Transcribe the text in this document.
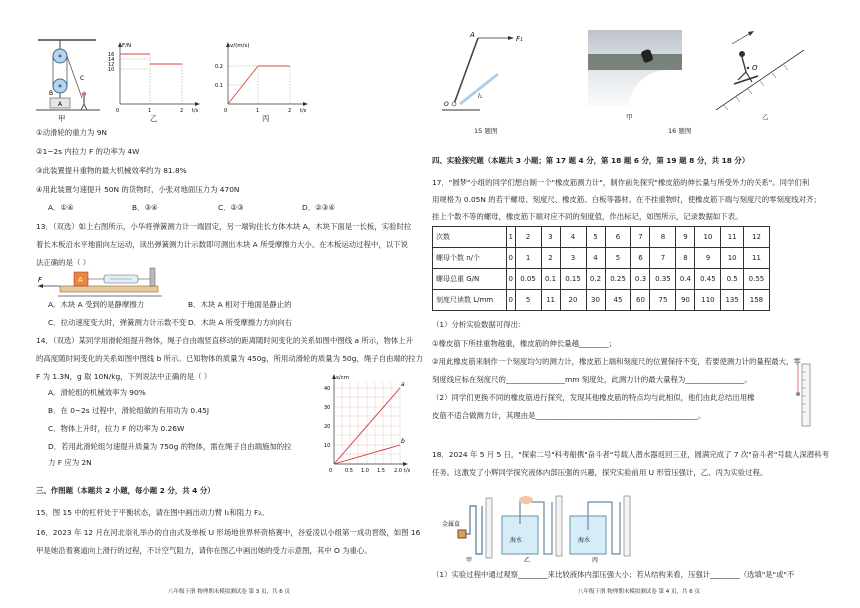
B
C
A
甲
F/N
16
14
12
10
0	1	2 t/s
乙
v/(m/s)
0.2
0.1
0	1	2 t/s
丙
①动滑轮的重力为 9N
②1~2s 内拉力 F 的功率为 4W
③此装置提升重物的最大机械效率约为 81.8%
④用此装置匀速提升 50N 的货物时，小张对地面压力为 470N
A．①④	B．③④	C．②③	D．②③④
13．（双选）如上右图所示，小华将弹簧测力计一端固定，另一端钩住长方体木块 A，木块下面是一长板，实验时拉
着长木板沿水平地面向左运动，读出弹簧测力计示数即可测出木块 A 所受摩擦力大小。在木板运动过程中，以下说
法正确的是（ ）
F	A
A．木块 A 受到的是静摩擦力	B．木块 A 相对于地面是静止的
C．拉动速度变大时，弹簧测力计示数不变 D．木块 A 所受摩擦力方向向右
14．（双选）某同学用滑轮组提升物体，绳子自由端竖直移动的距离随时间变化的关系如图中图线 a 所示，物体上升
的高度随时间变化的关系如图中图线 b 所示。已知物体的质量为 450g，所用动滑轮的质量为 50g，绳子自由端的拉力
F 为 1.3N，g 取 10N/kg，下列说法中正确的是（ ）
A．滑轮组的机械效率为 90%
B．在 0~2s 过程中，滑轮组做的有用功为 0.45J
C．物体上升时，拉力 F 的功率为 0.26W
D．若用此滑轮组匀速提升质量为 750g 的物体，需在绳子自由端施加的拉
力 F 应为 2N
s/cm
40
30
20
10
0	0.5 1.0 1.5 2.0 t/s
a
b
三、作图题（本题共 2 小题，每小题 2 分，共 4 分）
15．图 15 中的杠杆处于平衡状态，请在图中画出动力臂 l₁和阻力 F₂。
16．2023 年 12 月在河北崇礼举办的自由式及单板 U 形场地世界杯资格赛中，谷爱凌以小组第一成功晋级，如图 16
甲是她沿着赛道向上滑行的过程，不计空气阻力，请你在图乙中画出她的受力示意图，其中 O 为重心。
八年级下册 物理期末模拟测试卷 第 3 页，共 6 页
A	F₁
l₁
O
15 题图
甲
O
乙
16 题图
四、实验探究题（本题共 3 小题；第 17 题 4 分，第 18 题 6 分，第 19 题 8 分，共 18 分）
17．"圆梦"小组的同学们想自制一个"橡皮筋测力计"，制作前先探究"橡皮筋的伸长量与所受外力的关系"。同学们利
用规格为 0.05N 的若干螺母、刻度尺、橡皮筋、白板等器材。在不挂重物时，使橡皮筋下端与刻度尺的零刻度线对齐；
挂上个数不等的螺母，橡皮筋下端对应不同的刻度值，作出标记，如图所示，记录数据如下表。
次数	1	2	3	4	5	6	7	8	9	10	11	12
螺母个数 n/个	0	1	2	3	4	5	6	7	8	9	10	11
螺母总重 G/N	0	0.05	0.1	0.15	0.2	0.25	0.3	0.35	0.4	0.45	0.5	0.55
刻度尺读数 L/mm	0	5	11	20	30	45	60	75	90	110	135	158
（1）分析实验数据可得出：
①橡皮筋下所挂重物越重，橡皮筋的伸长量越________；
②用此橡皮筋来制作一个刻度均匀的测力计，橡皮筋上端和刻度尺的位置保持不变，若要使测力计的量程最大，零
刻度线应标在刻度尺的________________mm 刻度处，此测力计的最大量程为________________。
（2）同学们更换不同的橡皮筋进行探究，发现其他橡皮筋的特点均与此相似，他们由此总结出用橡
皮筋不适合做测力计，其理由是____________________________________________。
18．2024 年 5 月 5 日，"探索二号"科考船携"奋斗者"号载人潜水器返回三亚，圆满完成了 7 次"奋斗者"号载人深潜科考
任务。这激发了小辉同学探究液体内部压强的兴趣，探究实验前用 U 形管压强计，乙、丙为实验过程。
金属盒
甲
海水
乙
海水
丙
（1）实验过程中通过观察________来比较液体内部压强大小；若从结构来看，压强计________（选填"是"或"不
八年级下册 物理期末模拟测试卷 第 4 页，共 6 页
